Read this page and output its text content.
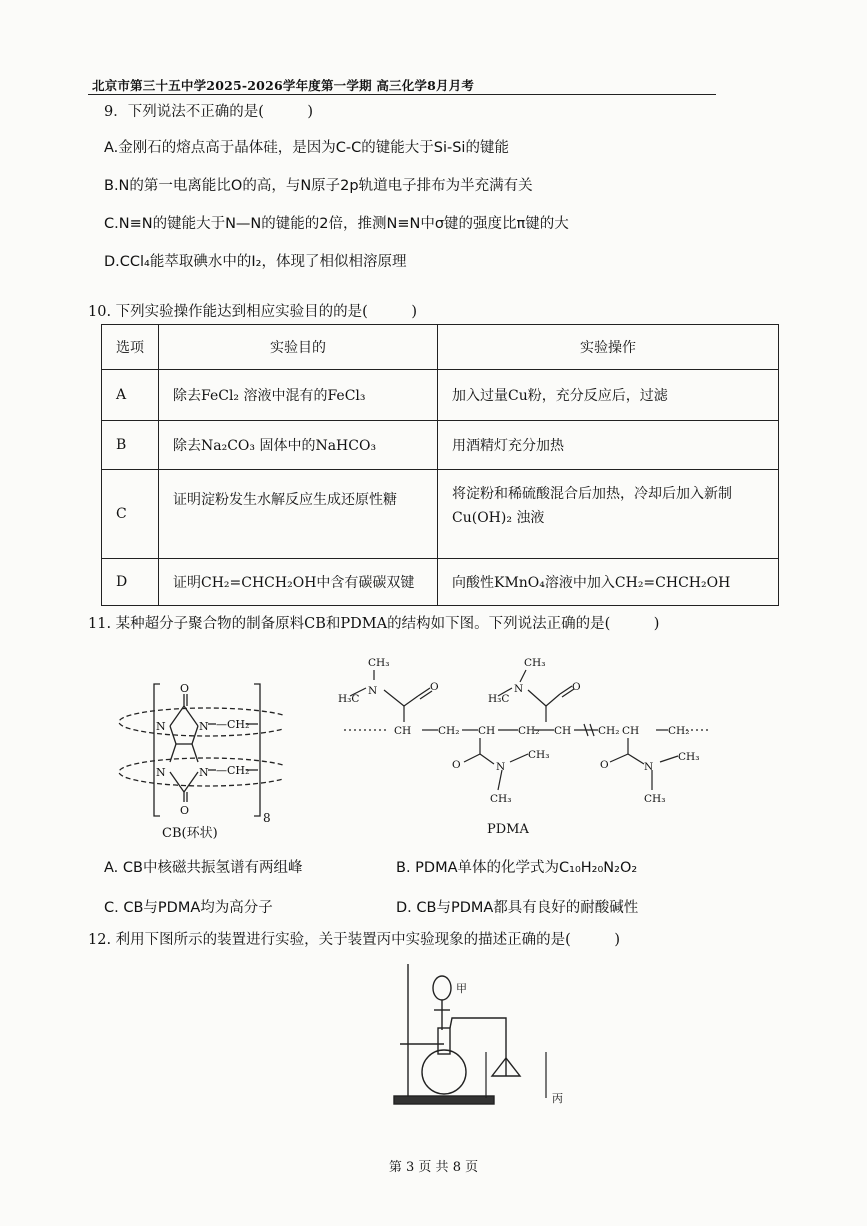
北京市第三十五中学2025-2026学年度第一学期 高三化学8月月考
9．下列说法不正确的是(　　　)
A.金刚石的熔点高于晶体硅，是因为C-C的键能大于Si-Si的键能
B.N的第一电离能比O的高，与N原子2p轨道电子排布为半充满有关
C.N≡N的键能大于N—N的键能的2倍，推测N≡N中σ键的强度比π键的大
D.CCl₄能萃取碘水中的I₂，体现了相似相溶原理
10. 下列实验操作能达到相应实验目的的是(　　　)
选项	实验目的	实验操作
A	除去FeCl₂ 溶液中混有的FeCl₃	加入过量Cu粉，充分反应后，过滤
B	除去Na₂CO₃ 固体中的NaHCO₃	用酒精灯充分加热
C	证明淀粉发生水解反应生成还原性糖	将淀粉和稀硫酸混合后加热，冷却后加入新制Cu(OH)₂ 浊液
D	证明CH₂=CHCH₂OH中含有碳碳双键	向酸性KMnO₄溶液中加入CH₂=CHCH₂OH
11. 某种超分子聚合物的制备原料CB和PDMA的结构如下图。下列说法正确的是(　　　)
O
N	N —CH₂
N	N —CH₂
O
8
CB(环状)
CH₃
N
H₃C
O
CH	CH₂ CH CH₂ CH	CH₂ CH	CH₂
CH₃
N
H₃C
O
O	N
CH₃
CH₃
O	N
CH₃
CH₃
PDMA
A. CB中核磁共振氢谱有两组峰	B. PDMA单体的化学式为C₁₀H₂₀N₂O₂
C. CB与PDMA均为高分子	D. CB与PDMA都具有良好的耐酸碱性
12. 利用下图所示的装置进行实验，关于装置丙中实验现象的描述正确的是(　　　)
甲
丙
第 3 页 共 8 页
